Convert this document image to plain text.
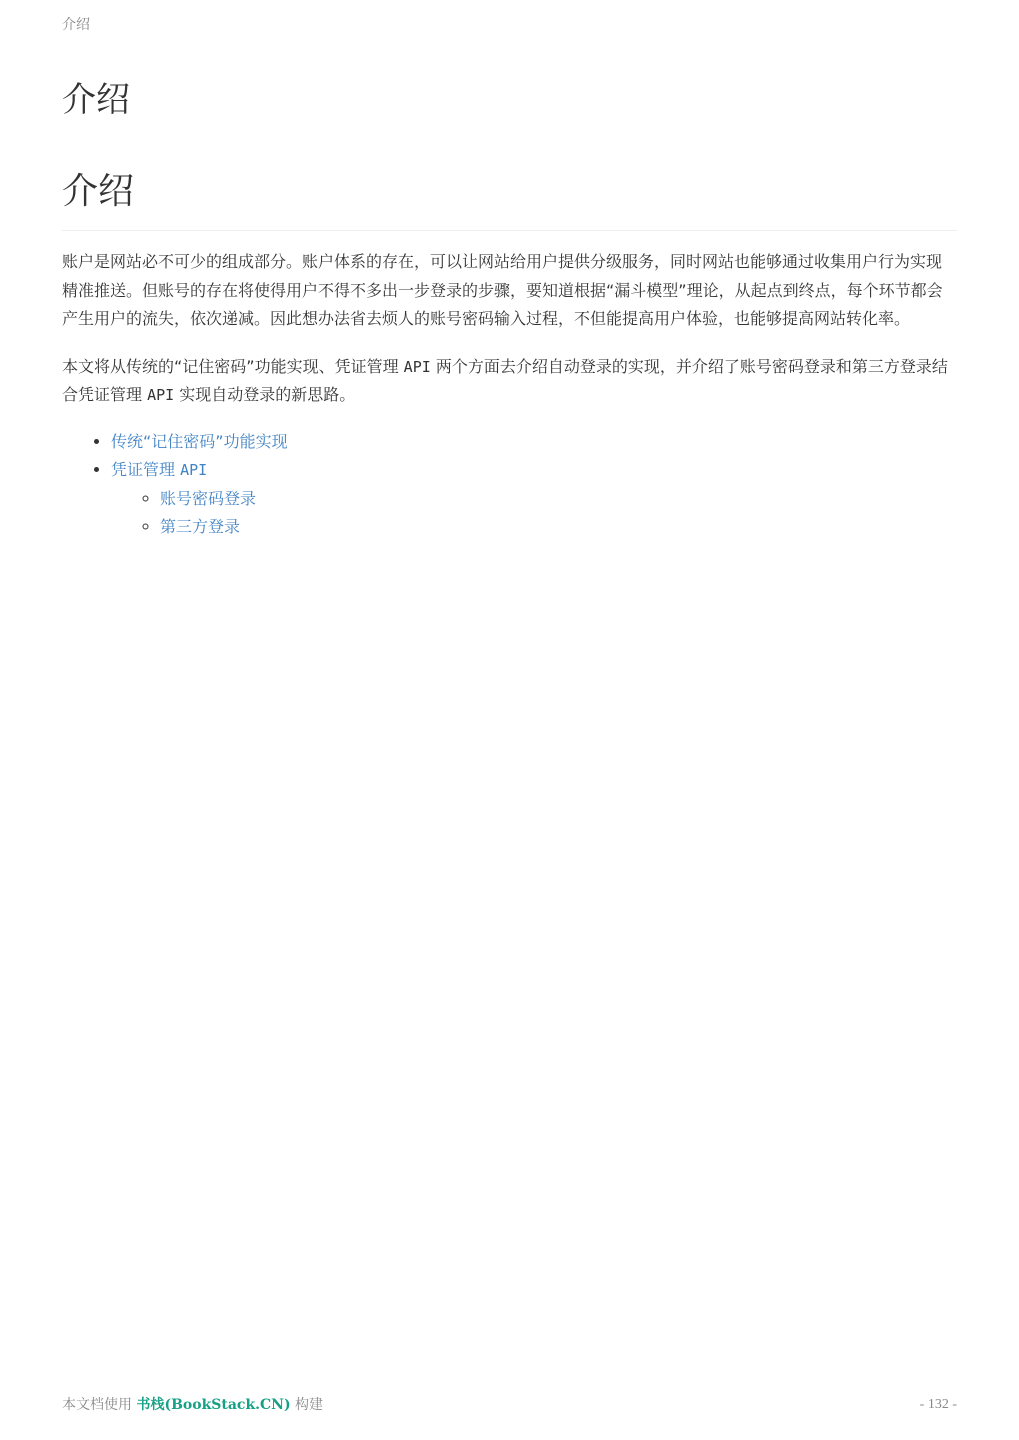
介绍
介绍
介绍

账户是网站必不可少的组成部分。账户体系的存在，可以让网站给用户提供分级服务，同时网站也能够通过收集用户行为实现精准推送。但账号的存在将使得用户不得不多出一步登录的步骤，要知道根据“漏斗模型”理论，从起点到终点，每个环节都会产生用户的流失，依次递减。因此想办法省去烦人的账号密码输入过程，不但能提高用户体验，也能够提高网站转化率。

本文将从传统的“记住密码”功能实现、凭证管理 API 两个方面去介绍自动登录的实现，并介绍了账号密码登录和第三方登录结合凭证管理 API 实现自动登录的新思路。

• 传统“记住密码”功能实现
• 凭证管理 API
◦ 账号密码登录
◦ 第三方登录
本文档使用 书栈(BookStack.CN) 构建	- 132 -
